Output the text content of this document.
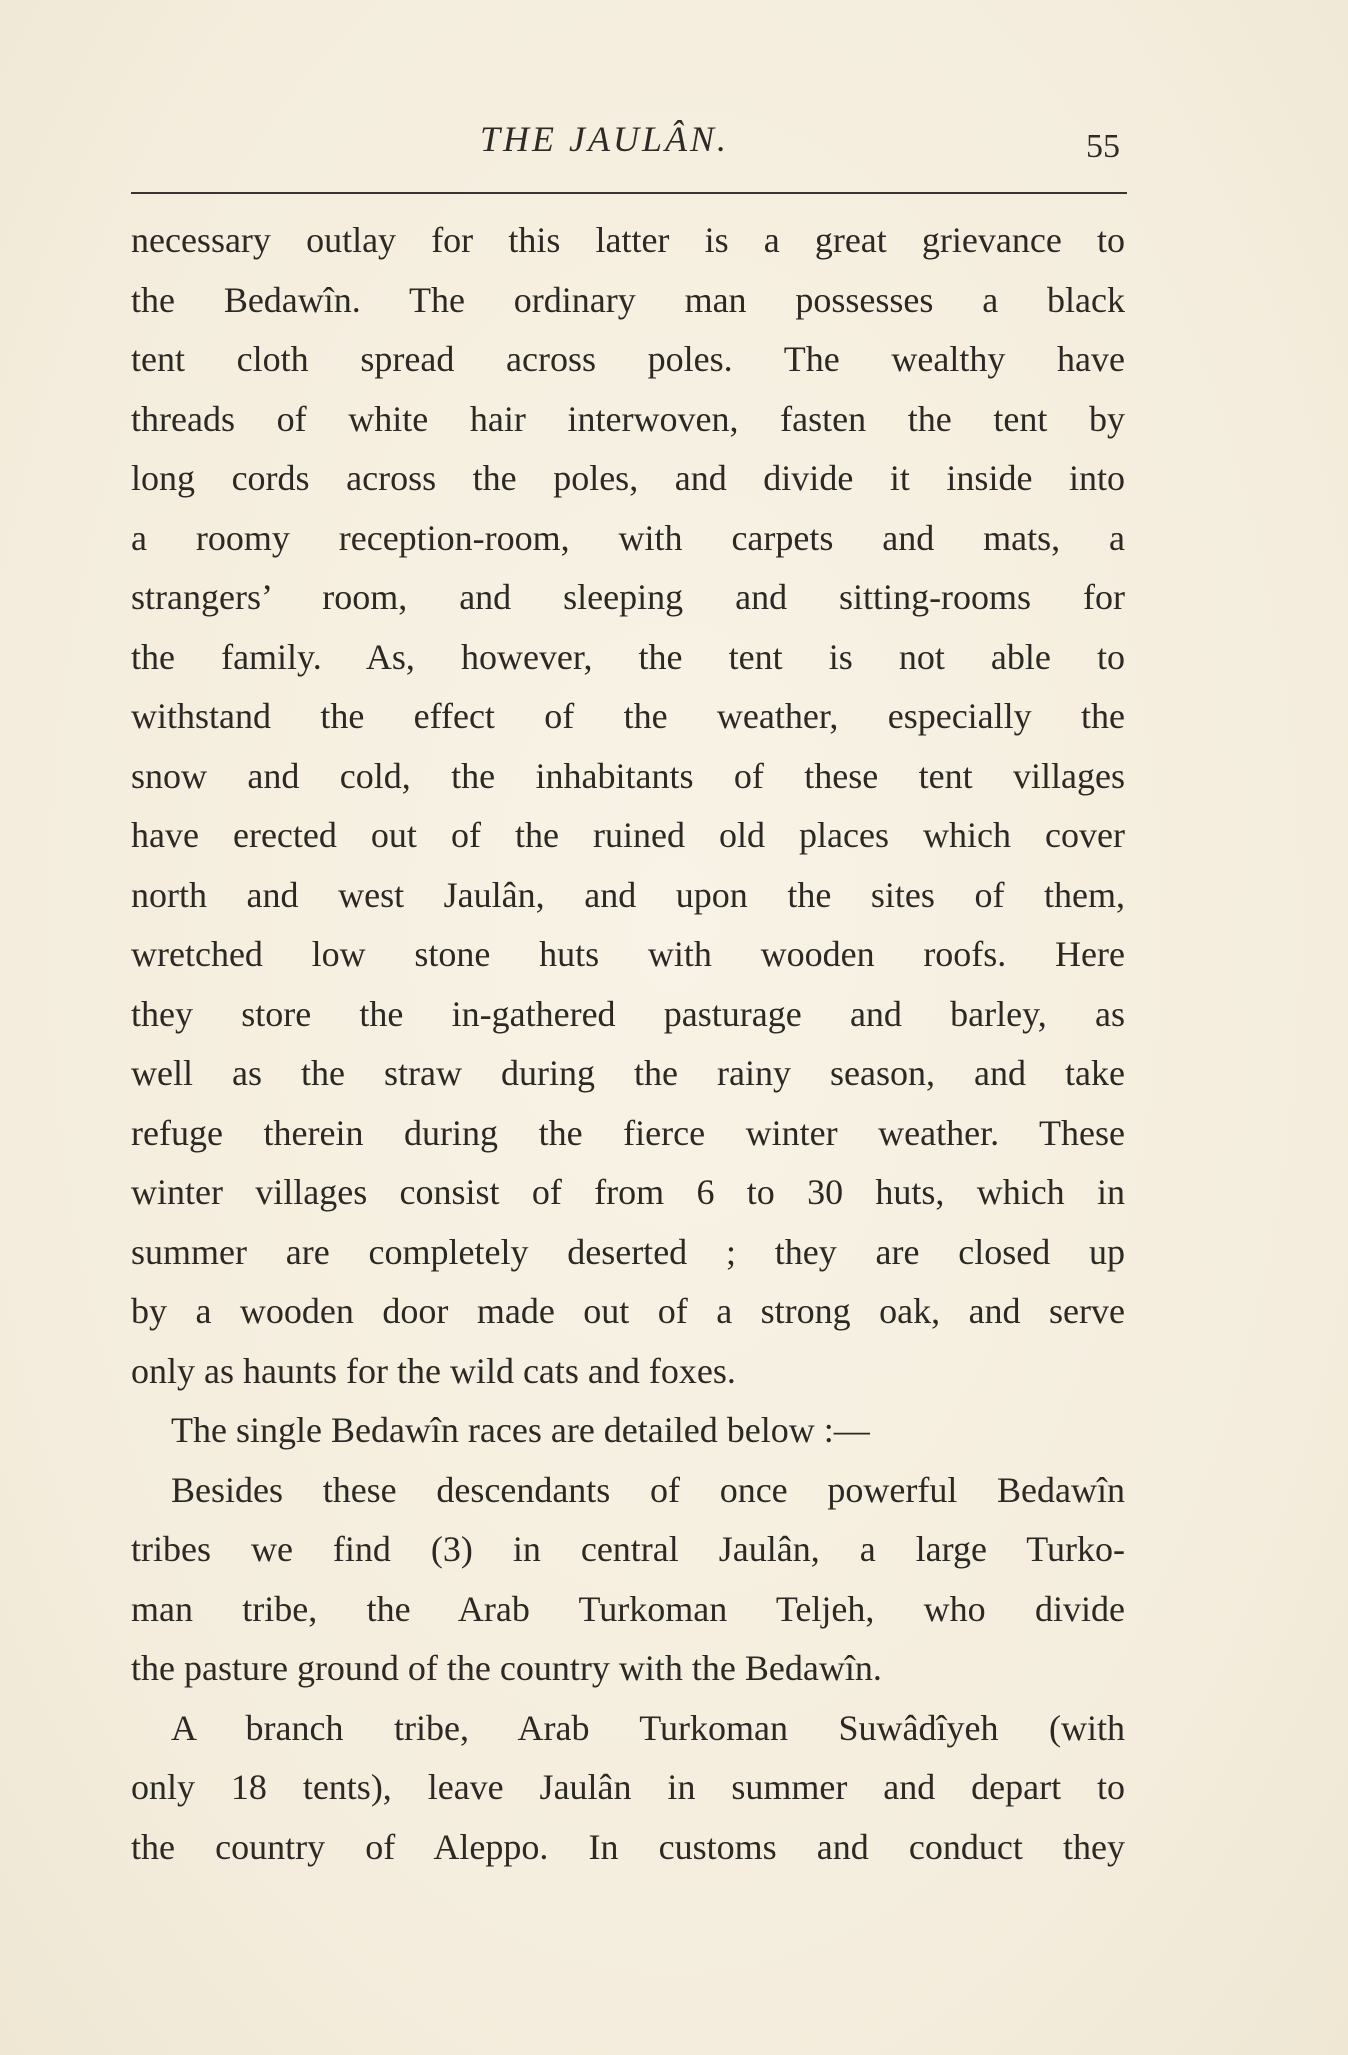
THE JAULÂN.	55
necessary outlay for this latter is a great grievance to
the Bedawîn. The ordinary man possesses a black
tent cloth spread across poles. The wealthy have
threads of white hair interwoven, fasten the tent by
long cords across the poles, and divide it inside into
a roomy reception-room, with carpets and mats, a
strangers’ room, and sleeping and sitting-rooms for
the family. As, however, the tent is not able to
withstand the effect of the weather, especially the
snow and cold, the inhabitants of these tent villages
have erected out of the ruined old places which cover
north and west Jaulân, and upon the sites of them,
wretched low stone huts with wooden roofs. Here
they store the in-gathered pasturage and barley, as
well as the straw during the rainy season, and take
refuge therein during the fierce winter weather. These
winter villages consist of from 6 to 30 huts, which in
summer are completely deserted ; they are closed up
by a wooden door made out of a strong oak, and serve
only as haunts for the wild cats and foxes.
The single Bedawîn races are detailed below :—
Besides these descendants of once powerful Bedawîn
tribes we find (3) in central Jaulân, a large Turko-
man tribe, the Arab Turkoman Teljeh, who divide
the pasture ground of the country with the Bedawîn.
A branch tribe, Arab Turkoman Suwâdîyeh (with
only 18 tents), leave Jaulân in summer and depart to
the country of Aleppo. In customs and conduct they
